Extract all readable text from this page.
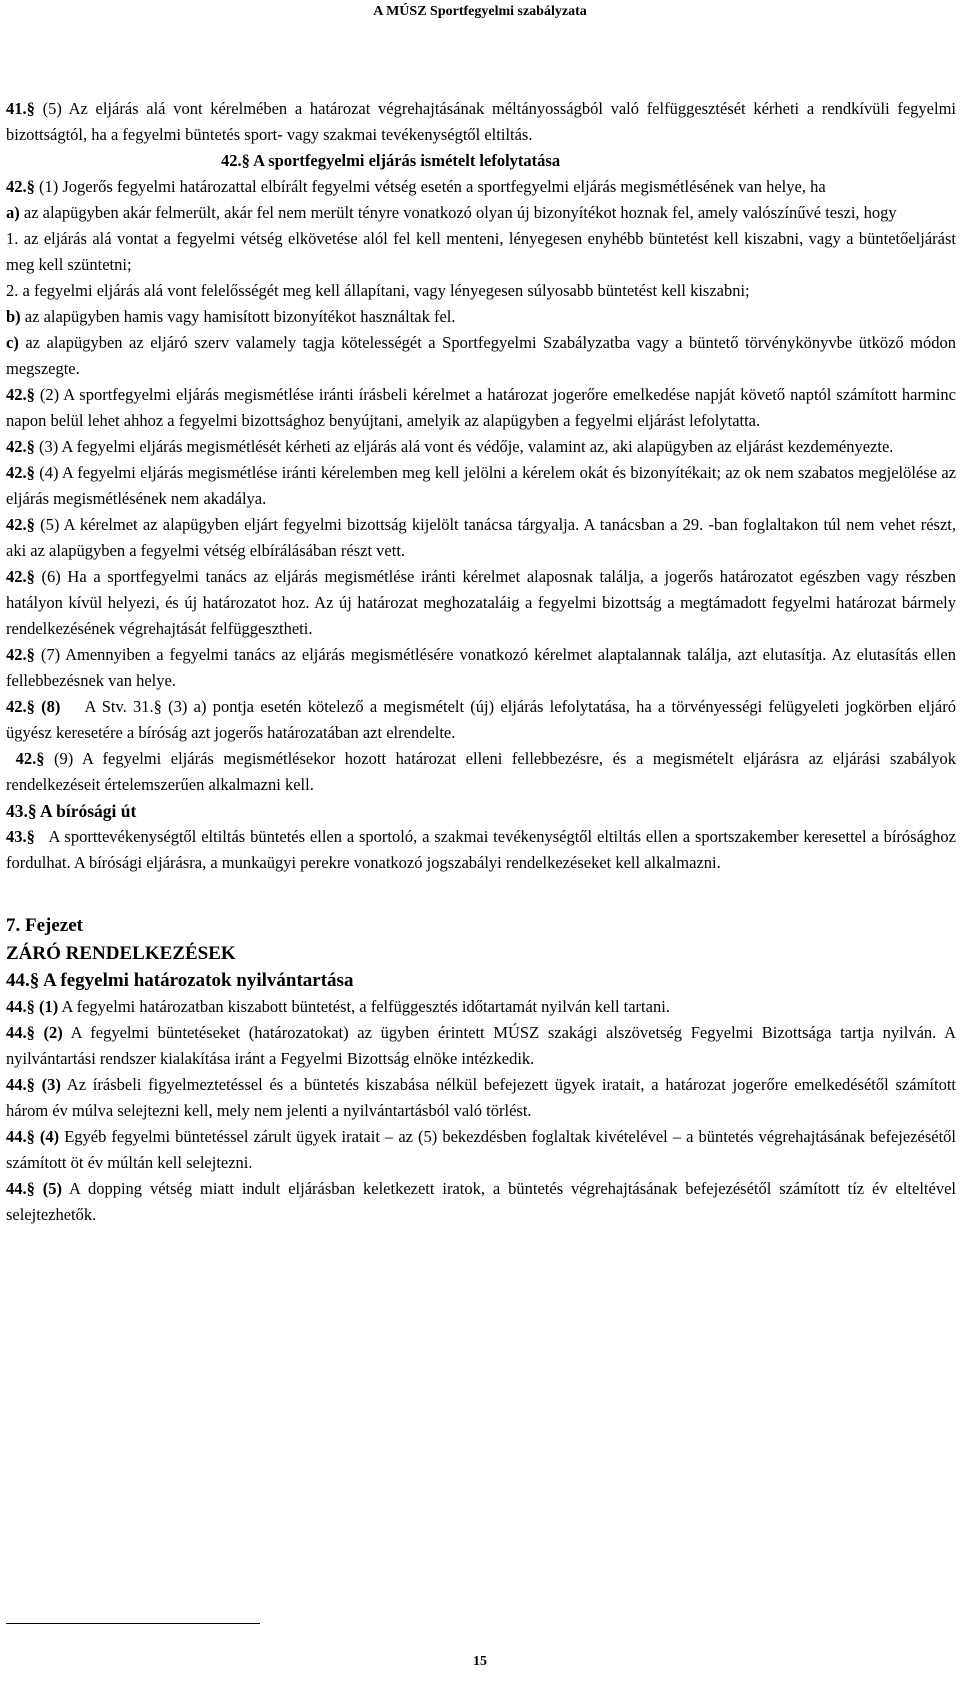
A MÚSZ Sportfegyelmi szabályzata

41.§ (5) Az eljárás alá vont kérelmében a határozat végrehajtásának méltányosságból való felfüggesztését kérheti a rendkívüli fegyelmi bizottságtól, ha a fegyelmi büntetés sport- vagy szakmai tevékenységtől eltiltás.

42.§ A sportfegyelmi eljárás ismételt lefolytatása

42.§ (1) Jogerős fegyelmi határozattal elbírált fegyelmi vétség esetén a sportfegyelmi eljárás megismétlésének van helye, ha

a) az alapügyben akár felmerült, akár fel nem merült tényre vonatkozó olyan új bizonyítékot hoznak fel, amely valószínűvé teszi, hogy

1. az eljárás alá vontat a fegyelmi vétség elkövetése alól fel kell menteni, lényegesen enyhébb büntetést kell kiszabni, vagy a büntetőeljárást meg kell szüntetni;

2. a fegyelmi eljárás alá vont felelősségét meg kell állapítani, vagy lényegesen súlyosabb büntetést kell kiszabni;

b) az alapügyben hamis vagy hamisított bizonyítékot használtak fel.

c) az alapügyben az eljáró szerv valamely tagja kötelességét a Sportfegyelmi Szabályzatba vagy a büntető törvénykönyvbe ütköző módon megszegte.

42.§ (2) A sportfegyelmi eljárás megismétlése iránti írásbeli kérelmet a határozat jogerőre emelkedése napját követő naptól számított harminc napon belül lehet ahhoz a fegyelmi bizottsághoz benyújtani, amelyik az alapügyben a fegyelmi eljárást lefolytatta.

42.§ (3) A fegyelmi eljárás megismétlését kérheti az eljárás alá vont és védője, valamint az, aki alapügyben az eljárást kezdeményezte.

42.§ (4) A fegyelmi eljárás megismétlése iránti kérelemben meg kell jelölni a kérelem okát és bizonyítékait; az ok nem szabatos megjelölése az eljárás megismétlésének nem akadálya.

42.§ (5) A kérelmet az alapügyben eljárt fegyelmi bizottság kijelölt tanácsa tárgyalja. A tanácsban a 29. -ban foglaltakon túl nem vehet részt, aki az alapügyben a fegyelmi vétség elbírálásában részt vett.

42.§ (6) Ha a sportfegyelmi tanács az eljárás megismétlése iránti kérelmet alaposnak találja, a jogerős határozatot egészben vagy részben hatályon kívül helyezi, és új határozatot hoz. Az új határozat meghozataláig a fegyelmi bizottság a megtámadott fegyelmi határozat bármely rendelkezésének végrehajtását felfüggesztheti.

42.§ (7) Amennyiben a fegyelmi tanács az eljárás megismétlésére vonatkozó kérelmet alaptalannak találja, azt elutasítja. Az elutasítás ellen fellebbezésnek van helye.

42.§ (8)    A Stv. 31.§ (3) a) pontja esetén kötelező a megismételt (új) eljárás lefolytatása, ha a törvényességi felügyeleti jogkörben eljáró ügyész keresetére a bíróság azt jogerős határozatában azt elrendelte.

42.§ (9) A fegyelmi eljárás megismétlésekor hozott határozat elleni fellebbezésre, és a megismételt eljárásra az eljárási szabályok rendelkezéseit értelemszerűen alkalmazni kell.

43.§ A bírósági út

43.§   A sporttevékenységtől eltiltás büntetés ellen a sportoló, a szakmai tevékenységtől eltiltás ellen a sportszakember keresettel a bírósághoz fordulhat. A bírósági eljárásra, a munkaügyi perekre vonatkozó jogszabályi rendelkezéseket kell alkalmazni.

7. Fejezet

ZÁRÓ RENDELKEZÉSEK

44.§ A fegyelmi határozatok nyilvántartása

44.§ (1) A fegyelmi határozatban kiszabott büntetést, a felfüggesztés időtartamát nyilván kell tartani.

44.§ (2) A fegyelmi büntetéseket (határozatokat) az ügyben érintett MÚSZ szakági alszövetség Fegyelmi Bizottsága tartja nyilván. A nyilvántartási rendszer kialakítása iránt a Fegyelmi Bizottság elnöke intézkedik.

44.§ (3) Az írásbeli figyelmeztetéssel és a büntetés kiszabása nélkül befejezett ügyek iratait, a határozat jogerőre emelkedésétől számított három év múlva selejtezni kell, mely nem jelenti a nyilvántartásból való törlést.

44.§ (4) Egyéb fegyelmi büntetéssel zárult ügyek iratait – az (5) bekezdésben foglaltak kivételével – a büntetés végrehajtásának befejezésétől számított öt év múltán kell selejtezni.

44.§ (5) A dopping vétség miatt indult eljárásban keletkezett iratok, a büntetés végrehajtásának befejezésétől számított tíz év elteltével selejtezhetők.

15
